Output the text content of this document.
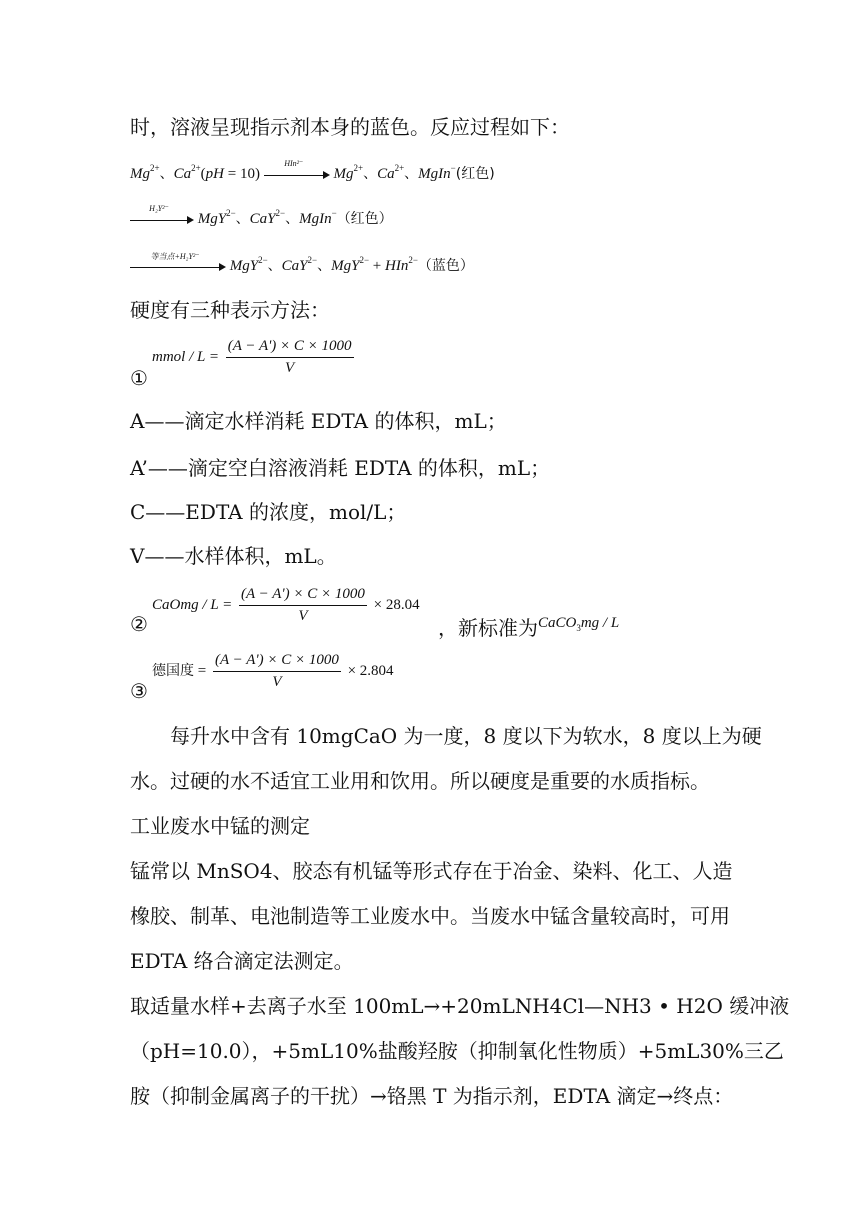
时，溶液呈现指示剂本身的蓝色。反应过程如下：
$Mg^{2+}$、$Ca^{2+}(pH = 10)$
HIn²⁻
$Mg^{2+}$、$Ca^{2+}$、MgIn−(红色)
H₂Y²⁻
MgY$^{2-}$、CaY$^{2-}$、MgIn−（红色）
等当点+H₂Y²⁻
MgY$^{2-}$、CaY$^{2-}$、MgY$^{2-}$ + HIn$^{2-}$（蓝色）
硬度有三种表示方法：
①
mmol / $L = \frac{(A - A') \times C \times 1000}{V}$
A——滴定水样消耗 EDTA 的体积，mL；
A’——滴定空白溶液消耗 EDTA 的体积，mL；
C——EDTA 的浓度，mol/L；
V——水样体积，mL。
②
CaOmg / $L = \frac{(A - A') \times C \times 1000}{V} \times 28.04$
，新标准为$^{CaCO_3mg / L}$
③
德国度 = $\frac{(A - A') \times C \times 1000}{V} \times 2.804$
每升水中含有 10mgCaO 为一度，8 度以下为软水，8 度以上为硬
水。过硬的水不适宜工业用和饮用。所以硬度是重要的水质指标。
工业废水中锰的测定
锰常以 MnSO4、胶态有机锰等形式存在于冶金、染料、化工、人造
橡胶、制革、电池制造等工业废水中。当废水中锰含量较高时，可用
EDTA 络合滴定法测定。
取适量水样+去离子水至 100mL→+20mLNH4Cl—NH3 • H2O 缓冲液
（pH=10.0），+5mL10%盐酸羟胺（抑制氧化性物质）+5mL30%三乙
胺（抑制金属离子的干扰）→铬黑 T 为指示剂，EDTA 滴定→终点：
